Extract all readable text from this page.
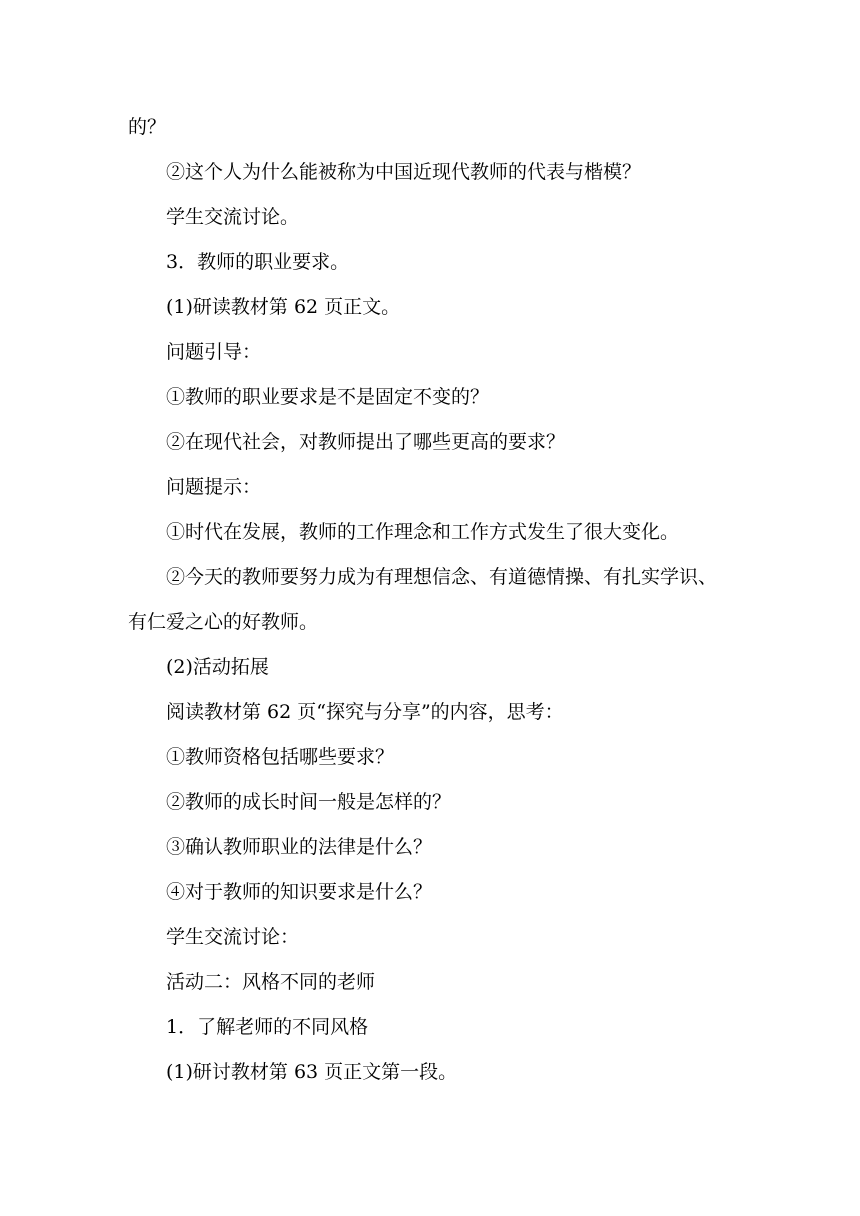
的？
②这个人为什么能被称为中国近现代教师的代表与楷模？
学生交流讨论。
3．教师的职业要求。
(1)研读教材第 62 页正文。
问题引导：
①教师的职业要求是不是固定不变的？
②在现代社会，对教师提出了哪些更高的要求？
问题提示：
①时代在发展，教师的工作理念和工作方式发生了很大变化。
②今天的教师要努力成为有理想信念、有道德情操、有扎实学识、
有仁爱之心的好教师。
(2)活动拓展
阅读教材第 62 页“探究与分享”的内容，思考：
①教师资格包括哪些要求？
②教师的成长时间一般是怎样的？
③确认教师职业的法律是什么？
④对于教师的知识要求是什么？
学生交流讨论：
活动二：风格不同的老师
1．了解老师的不同风格
(1)研讨教材第 63 页正文第一段。
